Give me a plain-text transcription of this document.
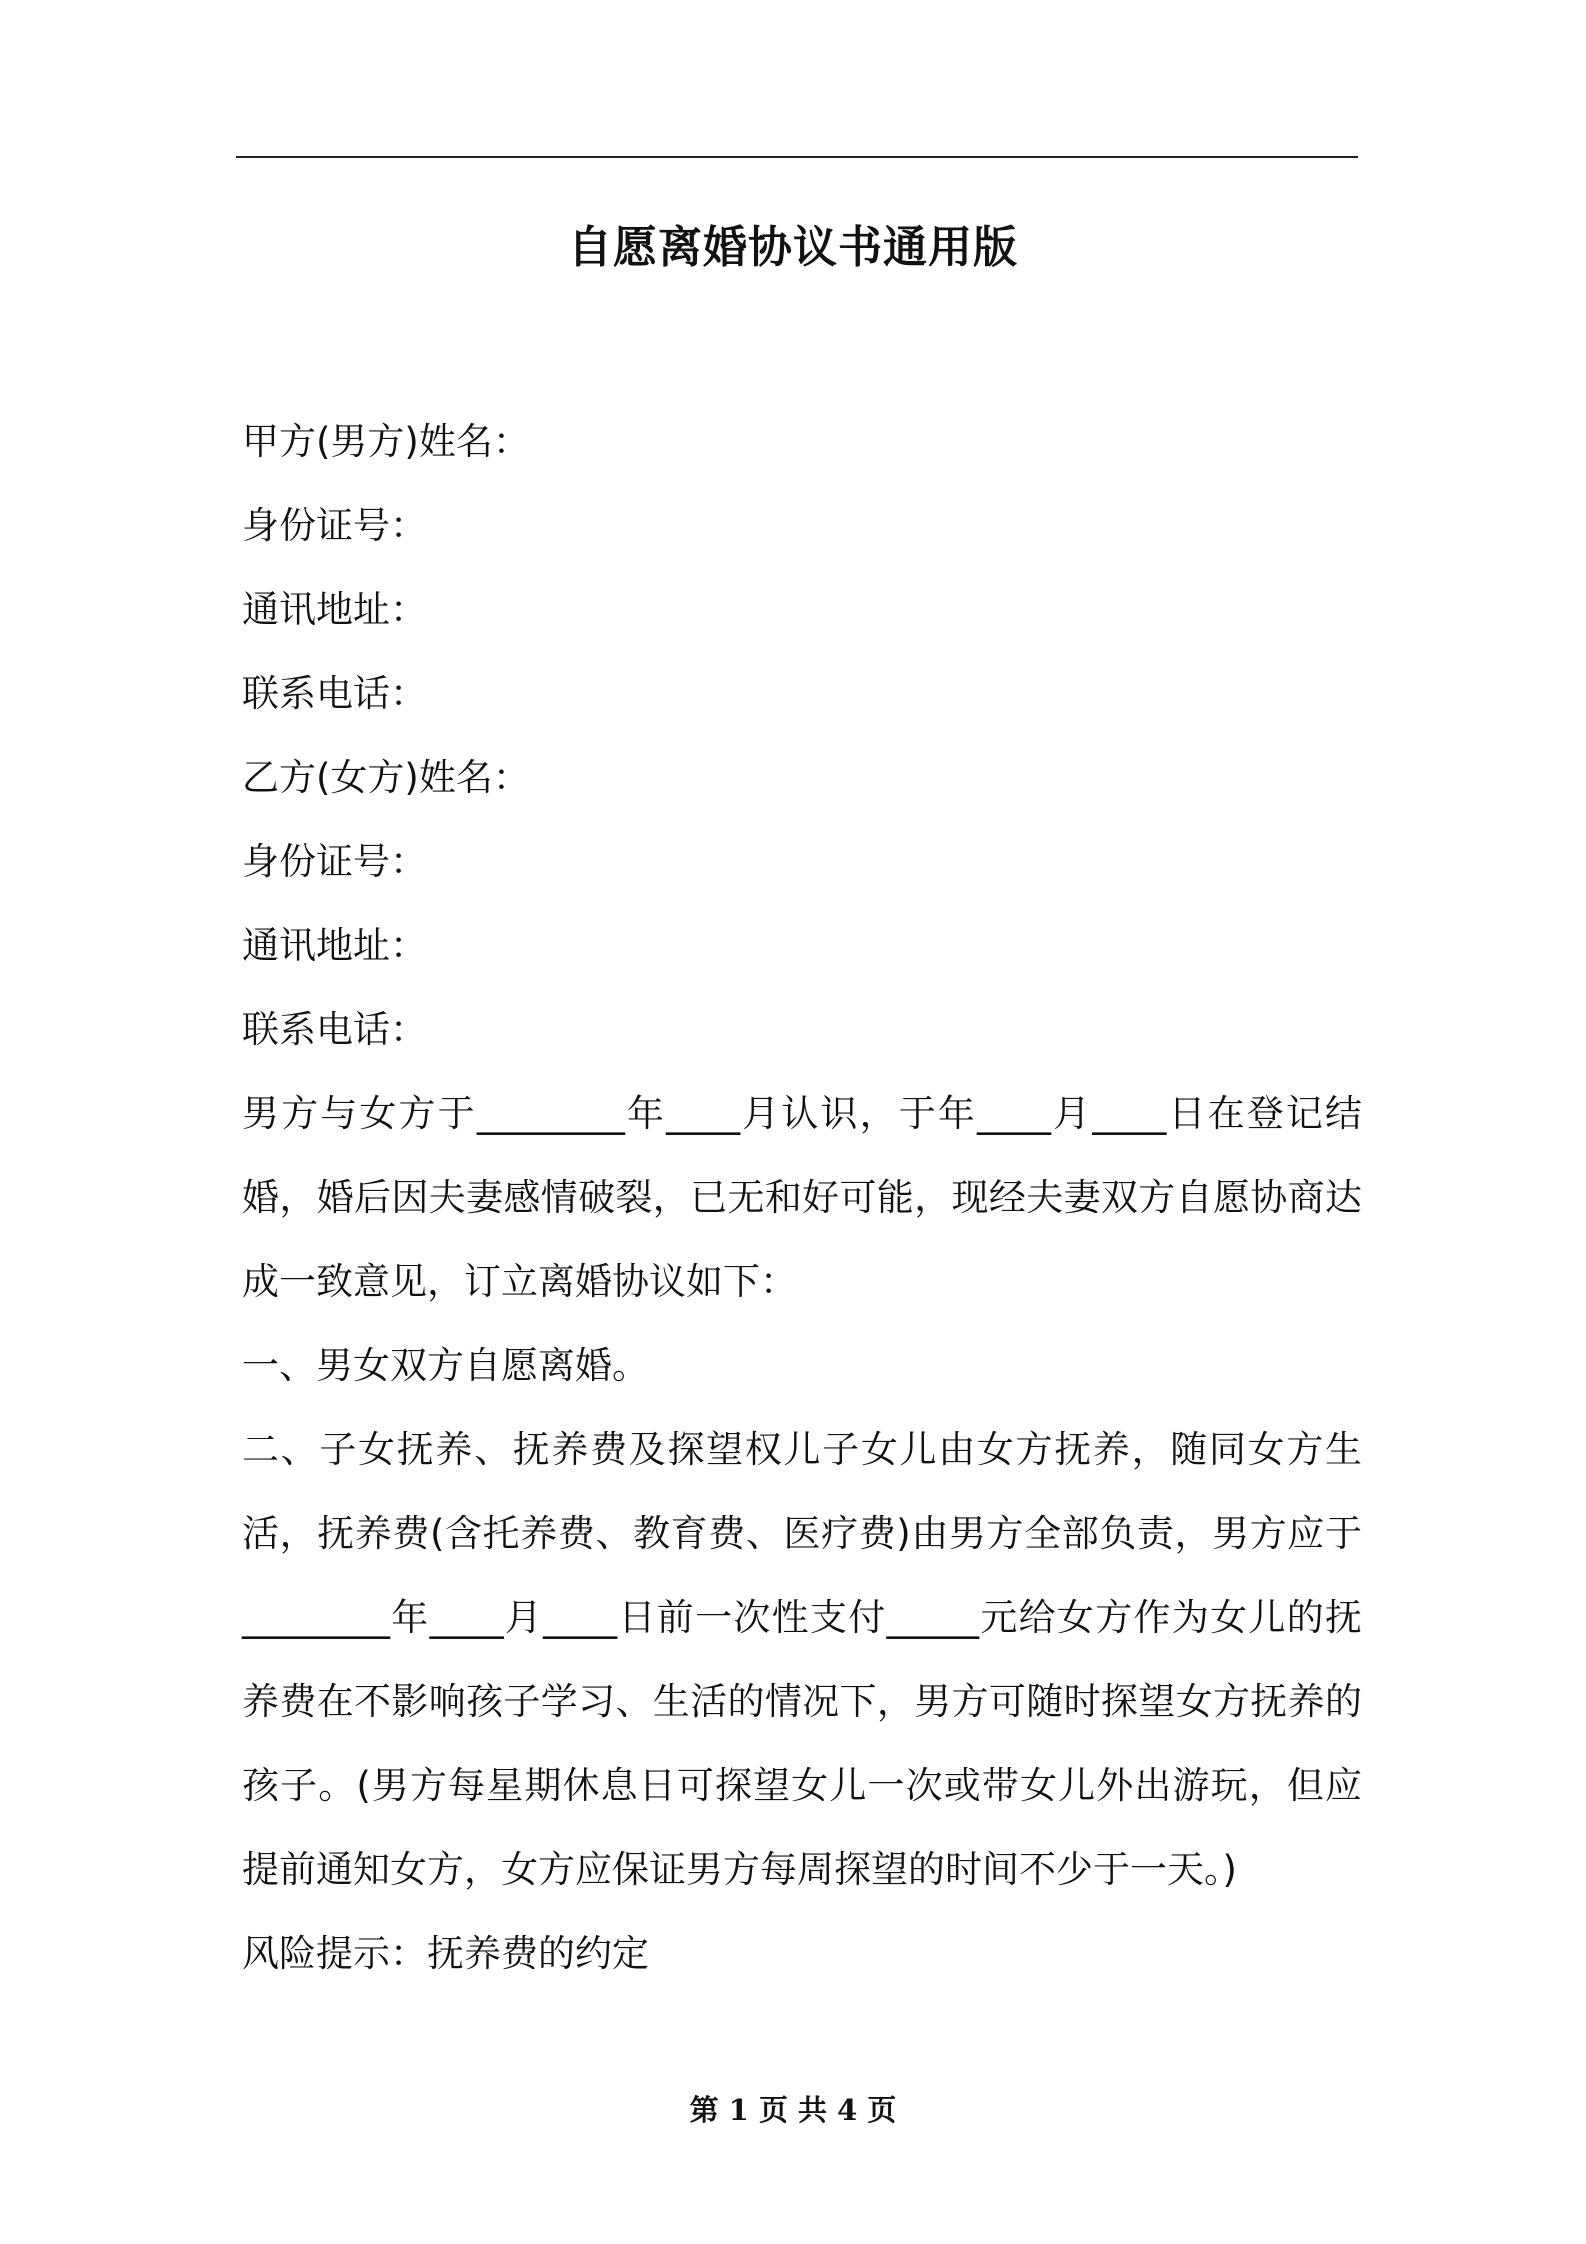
自愿离婚协议书通用版
甲方(男方)姓名：
身份证号：
通讯地址：
联系电话：
乙方(女方)姓名：
身份证号：
通讯地址：
联系电话：
男方与女方于________年____月认识，于年____月____日在登记结婚，婚后因夫妻感情破裂，已无和好可能，现经夫妻双方自愿协商达成一致意见，订立离婚协议如下：
一、男女双方自愿离婚。
二、子女抚养、抚养费及探望权儿子女儿由女方抚养，随同女方生活，抚养费(含托养费、教育费、医疗费)由男方全部负责，男方应于________年____月____日前一次性支付_____元给女方作为女儿的抚养费在不影响孩子学习、生活的情况下，男方可随时探望女方抚养的孩子。(男方每星期休息日可探望女儿一次或带女儿外出游玩，但应提前通知女方，女方应保证男方每周探望的时间不少于一天。)
风险提示：抚养费的约定
第 1 页 共 4 页
